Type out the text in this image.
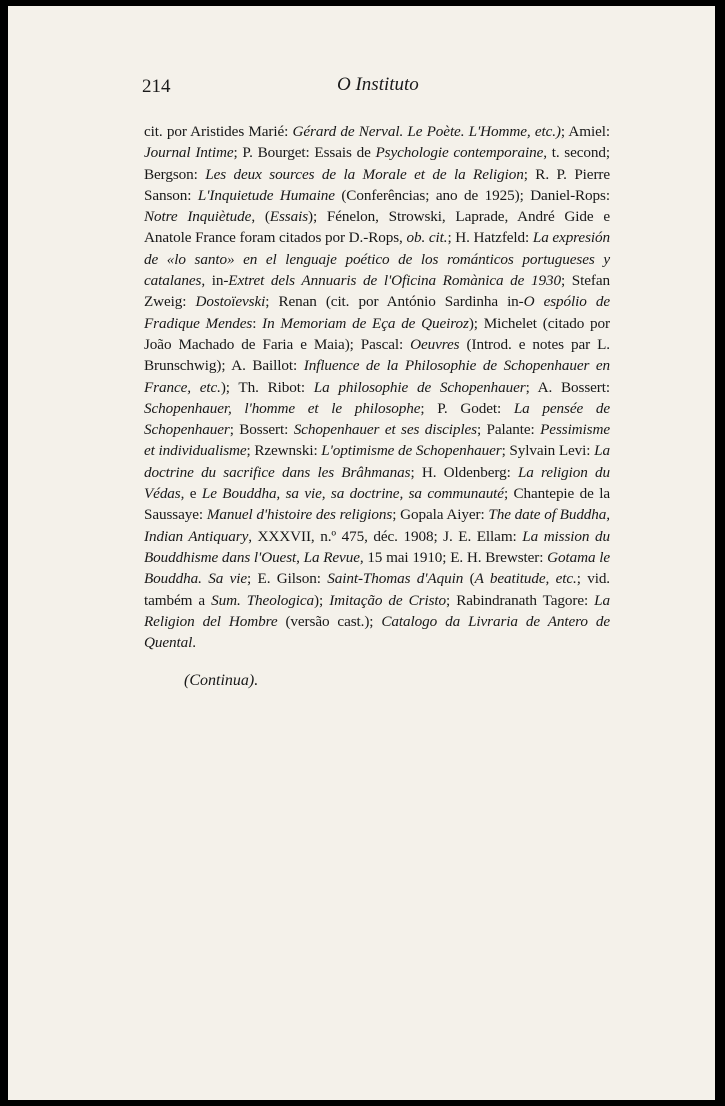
214	O Instituto
cit. por Aristides Marié: Gérard de Nerval. Le Poète. L'Homme, etc.); Amiel: Journal Intime; P. Bourget: Essais de Psychologie contemporaine, t. second; Bergson: Les deux sources de la Morale et de la Religion; R. P. Pierre Sanson: L'Inquietude Humaine (Conferências; ano de 1925); Daniel-Rops: Notre Inquiètude, (Essais); Fénelon, Strowski, Laprade, André Gide e Anatole France foram citados por D.-Rops, ob. cit.; H. Hatzfeld: La expresión de «lo santo» en el lenguaje poético de los románticos portugueses y catalanes, in-Extret dels Annuaris de l'Oficina Romànica de 1930; Stefan Zweig: Dostoïevski; Renan (cit. por António Sardinha in-O espólio de Fradique Mendes: In Memoriam de Eça de Queiroz); Michelet (citado por João Machado de Faria e Maia); Pascal: Oeuvres (Introd. e notes par L. Brunschwig); A. Baillot: Influence de la Philosophie de Schopenhauer en France, etc.); Th. Ribot: La philosophie de Schopenhauer; A. Bossert: Schopenhauer, l'homme et le philosophe; P. Godet: La pensée de Schopenhauer; Bossert: Schopenhauer et ses disciples; Palante: Pessimisme et individualisme; Rzewnski: L'optimisme de Schopenhauer; Sylvain Levi: La doctrine du sacrifice dans les Brâhmanas; H. Oldenberg: La religion du Védas, e Le Bouddha, sa vie, sa doctrine, sa communauté; Chantepie de la Saussaye: Manuel d'histoire des religions; Gopala Aiyer: The date of Buddha, Indian Antiquary, XXXVII, n.º 475, déc. 1908; J. E. Ellam: La mission du Bouddhisme dans l'Ouest, La Revue, 15 mai 1910; E. H. Brewster: Gotama le Bouddha. Sa vie; E. Gilson: Saint-Thomas d'Aquin (A beatitude, etc.; vid. também a Sum. Theologica); Imitação de Cristo; Rabindranath Tagore: La Religion del Hombre (versão cast.); Catalogo da Livraria de Antero de Quental.
(Continua).
